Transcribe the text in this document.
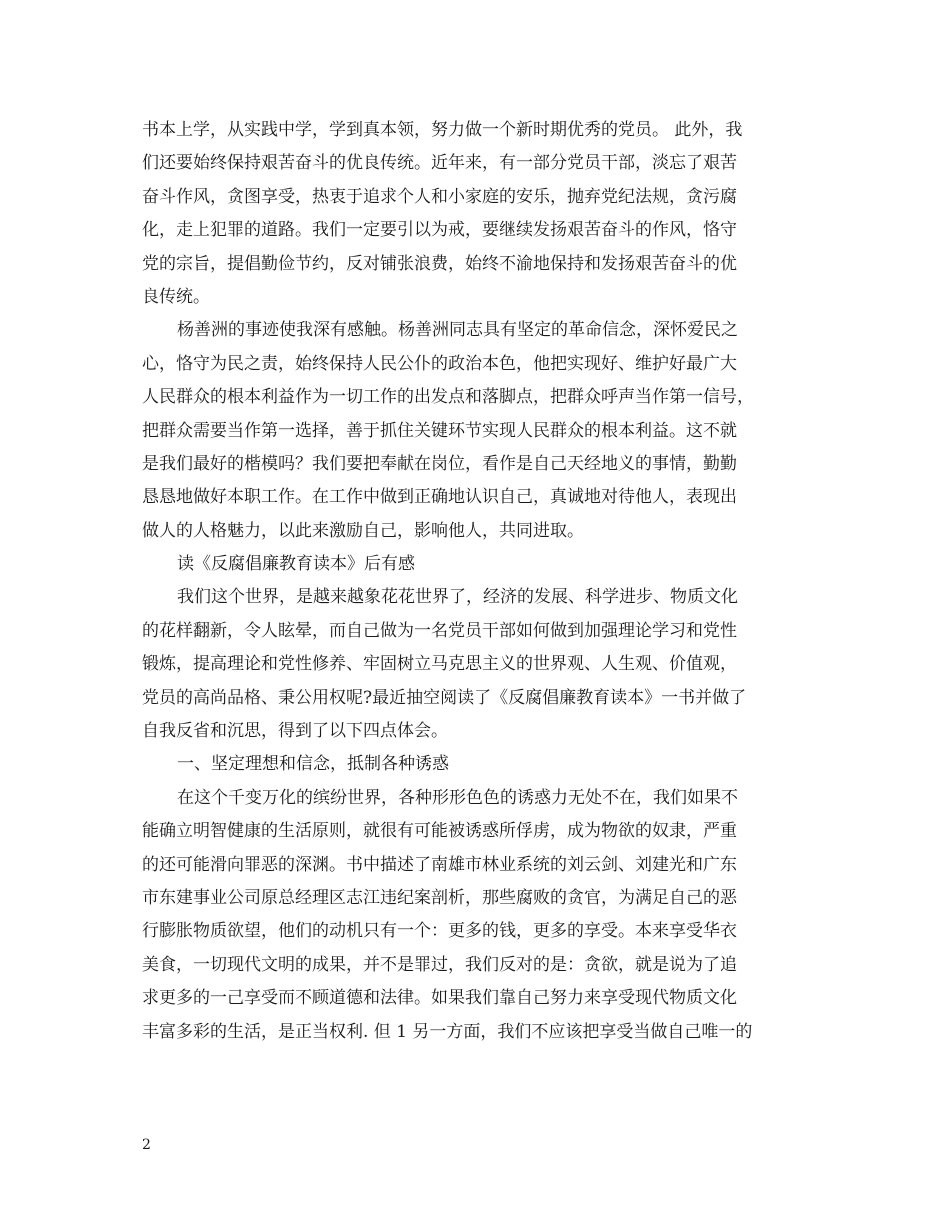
书本上学，从实践中学，学到真本领，努力做一个新时期优秀的党员。 此外，我
们还要始终保持艰苦奋斗的优良传统。近年来，有一部分党员干部，淡忘了艰苦
奋斗作风，贪图享受，热衷于追求个人和小家庭的安乐，抛弃党纪法规，贪污腐
化，走上犯罪的道路。我们一定要引以为戒，要继续发扬艰苦奋斗的作风，恪守
党的宗旨，提倡勤俭节约，反对铺张浪费，始终不渝地保持和发扬艰苦奋斗的优
良传统。
杨善洲的事迹使我深有感触。杨善洲同志具有坚定的革命信念，深怀爱民之
心，恪守为民之责，始终保持人民公仆的政治本色，他把实现好、维护好最广大
人民群众的根本利益作为一切工作的出发点和落脚点，把群众呼声当作第一信号，
把群众需要当作第一选择，善于抓住关键环节实现人民群众的根本利益。这不就
是我们最好的楷模吗？我们要把奉献在岗位，看作是自己天经地义的事情，勤勤
恳恳地做好本职工作。在工作中做到正确地认识自己，真诚地对待他人，表现出
做人的人格魅力，以此来激励自己，影响他人，共同进取。
读《反腐倡廉教育读本》后有感
我们这个世界，是越来越象花花世界了，经济的发展、科学进步、物质文化
的花样翻新，令人眩晕，而自己做为一名党员干部如何做到加强理论学习和党性
锻炼，提高理论和党性修养、牢固树立马克思主义的世界观、人生观、价值观，
党员的高尚品格、秉公用权呢?最近抽空阅读了《反腐倡廉教育读本》一书并做了
自我反省和沉思，得到了以下四点体会。
一、坚定理想和信念，抵制各种诱惑
在这个千变万化的缤纷世界，各种形形色色的诱惑力无处不在，我们如果不
能确立明智健康的生活原则，就很有可能被诱惑所俘虏，成为物欲的奴隶，严重
的还可能滑向罪恶的深渊。书中描述了南雄市林业系统的刘云剑、刘建光和广东
市东建事业公司原总经理区志江违纪案剖析，那些腐败的贪官，为满足自己的恶
行膨胀物质欲望，他们的动机只有一个：更多的钱，更多的享受。本来享受华衣
美食，一切现代文明的成果，并不是罪过，我们反对的是：贪欲，就是说为了追
求更多的一己享受而不顾道德和法律。如果我们靠自己努力来享受现代物质文化
丰富多彩的生活，是正当权利. 但 1 另一方面，我们不应该把享受当做自己唯一的
2
